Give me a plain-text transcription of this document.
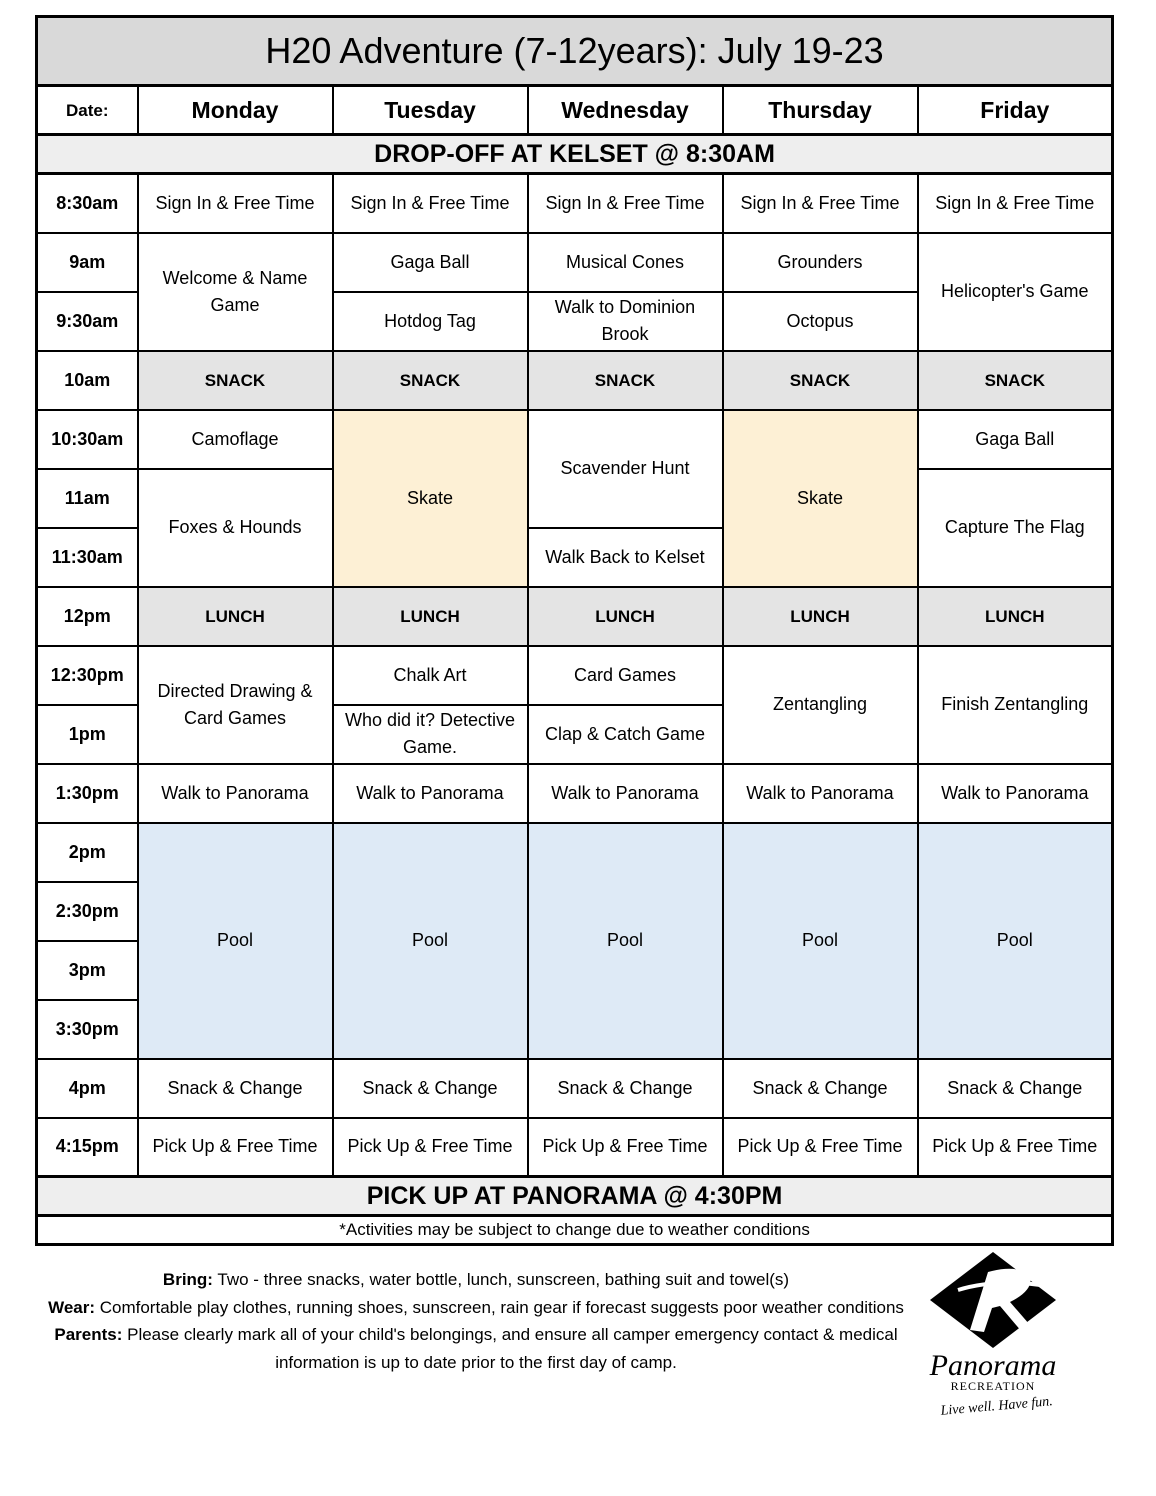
H20 Adventure (7-12years): July 19-23					
Date:	Monday	Tuesday	Wednesday	Thursday	Friday
DROP-OFF AT KELSET @ 8:30AM					
8:30am	Sign In & Free Time	Sign In & Free Time	Sign In & Free Time	Sign In & Free Time	Sign In & Free Time
9am	Welcome & Name Game	Gaga Ball	Musical Cones	Grounders	Helicopter's Game
9:30am		Hotdog Tag	Walk to Dominion Brook	Octopus	
10am	SNACK	SNACK	SNACK	SNACK	SNACK
10:30am	Camoflage	Skate	Scavender Hunt	Skate	Gaga Ball
11am	Foxes & Hounds				Capture The Flag
11:30am			Walk Back to Kelset		
12pm	LUNCH	LUNCH	LUNCH	LUNCH	LUNCH
12:30pm	Directed Drawing & Card Games	Chalk Art	Card Games	Zentangling	Finish Zentangling
1pm		Who did it? Detective Game.	Clap & Catch Game		
1:30pm	Walk to Panorama	Walk to Panorama	Walk to Panorama	Walk to Panorama	Walk to Panorama
2pm	Pool	Pool	Pool	Pool	Pool
2:30pm					
3pm					
3:30pm					
4pm	Snack & Change	Snack & Change	Snack & Change	Snack & Change	Snack & Change
4:15pm	Pick Up & Free Time	Pick Up & Free Time	Pick Up & Free Time	Pick Up & Free Time	Pick Up & Free Time
PICK UP AT PANORAMA @ 4:30PM					
*Activities may be subject to change due to weather conditions					
Bring: Two - three snacks, water bottle, lunch, sunscreen, bathing suit and towel(s)
Wear: Comfortable play clothes, running shoes, sunscreen, rain gear if forecast suggests poor weather conditions
Parents: Please clearly mark all of your child's belongings, and ensure all camper emergency contact & medical information is up to date prior to the first day of camp.	Panorama
RECREATION
Live well. Have fun.
